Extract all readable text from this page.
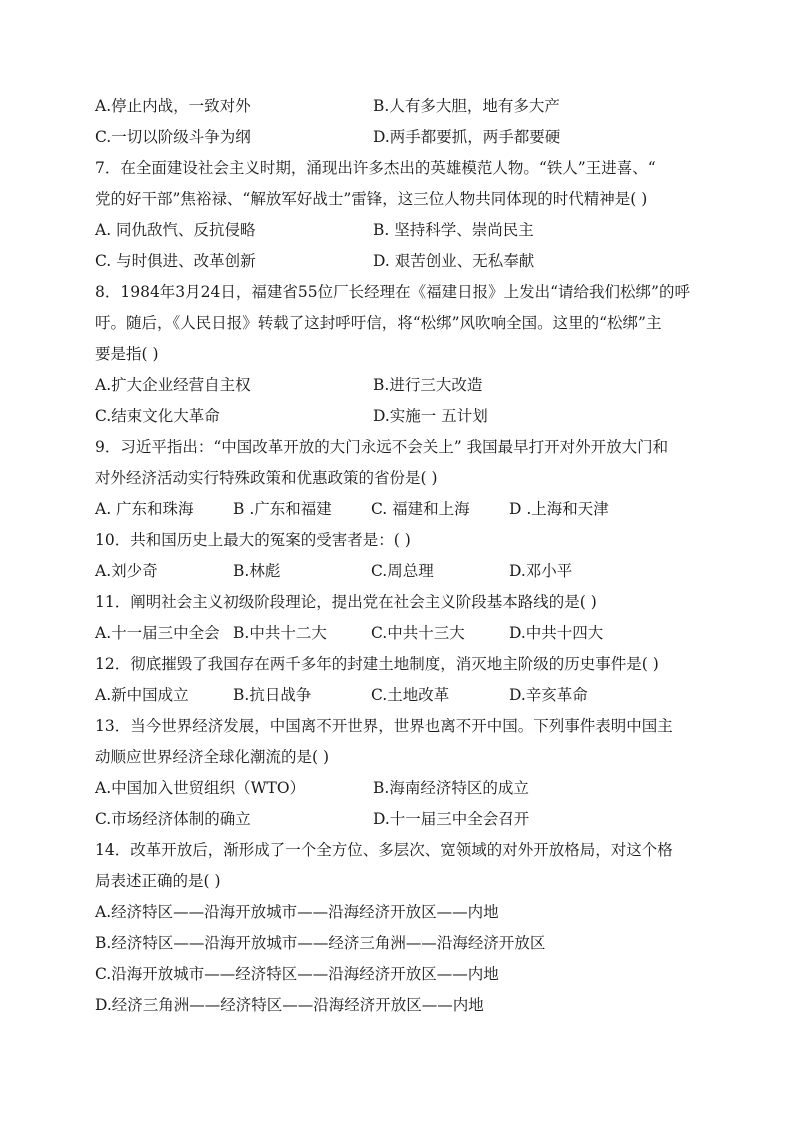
A.停止内战，一致对外	B.人有多大胆，地有多大产
C.一切以阶级斗争为纲	D.两手都要抓，两手都要硬
7．在全面建设社会主义时期，涌现出许多杰出的英雄模范人物。“铁人”王进喜、“
党的好干部”焦裕禄、“解放军好战士”雷锋，这三位人物共同体现的时代精神是( )
A. 同仇敌忾、反抗侵略	B. 坚持科学、崇尚民主
C. 与时俱进、改革创新	D. 艰苦创业、无私奉献
8．1984年3月24日，福建省55位厂长经理在《福建日报》上发出“请给我们松绑”的呼
吁。随后，《人民日报》转载了这封呼吁信，将“松绑”风吹响全国。这里的“松绑”主
要是指( )
A.扩大企业经营自主权	B.进行三大改造
C.结束文化大革命	D.实施一 五计划
9．习近平指出：“中国改革开放的大门永远不会关上” 我国最早打开对外开放大门和
对外经济活动实行特殊政策和优惠政策的省份是( )
A. 广东和珠海	B .广东和福建	C. 福建和上海	D .上海和天津
10．共和国历史上最大的冤案的受害者是：( )
A.刘少奇	B.林彪	C.周总理	D.邓小平
11．阐明社会主义初级阶段理论，提出党在社会主义阶段基本路线的是( )
A.十一届三中全会 B.中共十二大	C.中共十三大	D.中共十四大
12．彻底摧毁了我国存在两千多年的封建土地制度，消灭地主阶级的历史事件是( )
A.新中国成立	B.抗日战争	C.土地改革	D.辛亥革命
13．当今世界经济发展，中国离不开世界，世界也离不开中国。下列事件表明中国主
动顺应世界经济全球化潮流的是( )
A.中国加入世贸组织（WTO）	B.海南经济特区的成立
C.市场经济体制的确立	D.十一届三中全会召开
14．改革开放后，渐形成了一个全方位、多层次、宽领域的对外开放格局，对这个格
局表述正确的是( )
A.经济特区——沿海开放城市——沿海经济开放区——内地
B.经济特区——沿海开放城市——经济三角洲——沿海经济开放区
C.沿海开放城市——经济特区——沿海经济开放区——内地
D.经济三角洲——经济特区——沿海经济开放区——内地
